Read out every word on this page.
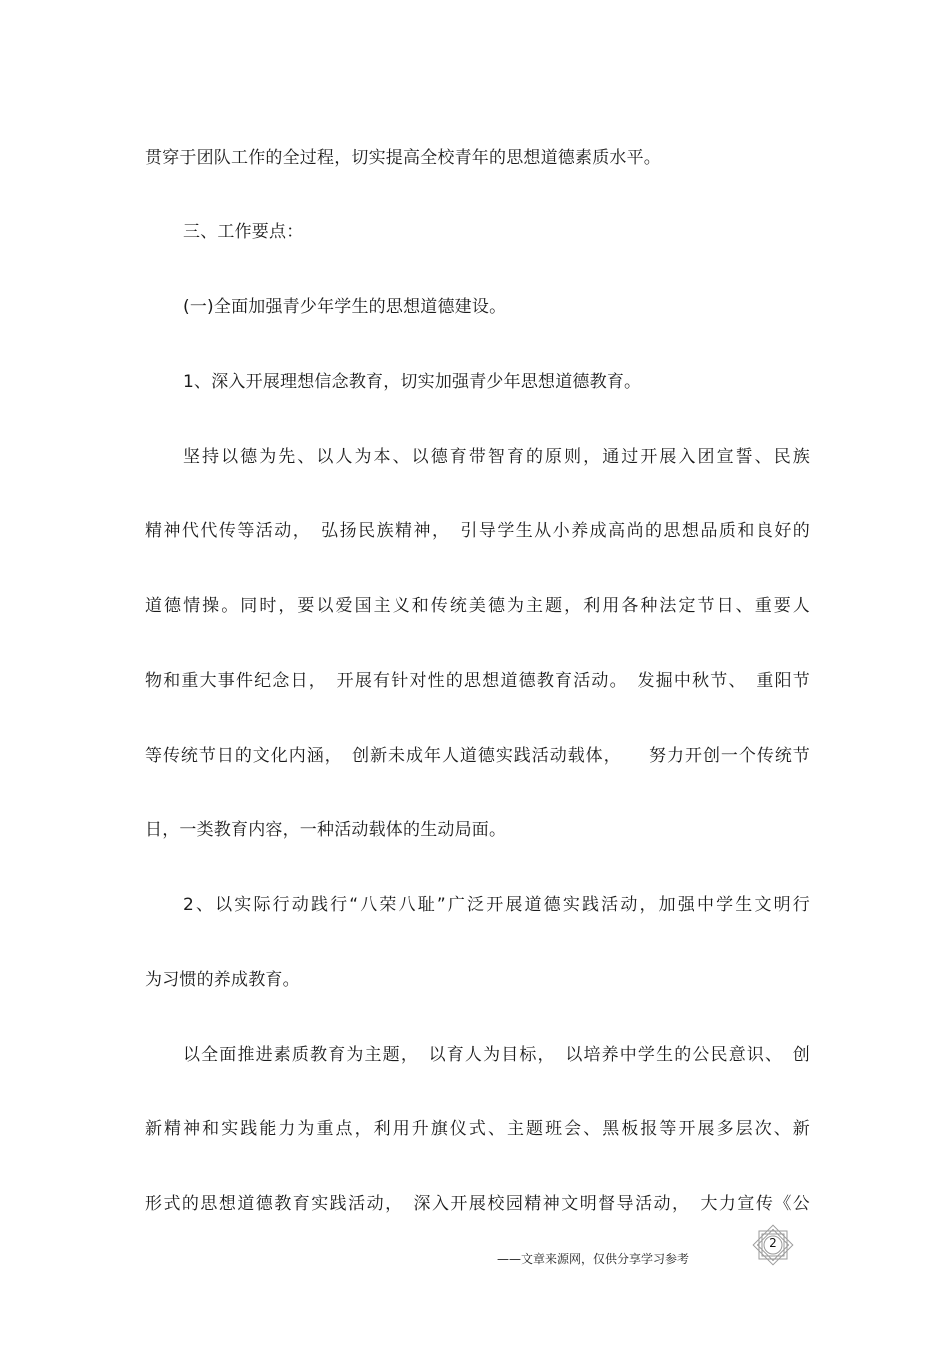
贯穿于团队工作的全过程，切实提高全校青年的思想道德素质水平。
三、工作要点：
(一)全面加强青少年学生的思想道德建设。
1、深入开展理想信念教育，切实加强青少年思想道德教育。
坚持以德为先、以人为本、以德育带智育的原则，通过开展入团宣誓、民族
精神代代传等活动，　弘扬民族精神，　引导学生从小养成高尚的思想品质和良好的
道德情操。同时，要以爱国主义和传统美德为主题，利用各种法定节日、重要人
物和重大事件纪念日，　开展有针对性的思想道德教育活动。　发掘中秋节、　重阳节
等传统节日的文化内涵，　创新未成年人道德实践活动载体，　　努力开创一个传统节
日，一类教育内容，一种活动载体的生动局面。
2、以实际行动践行“八荣八耻”广泛开展道德实践活动，加强中学生文明行
为习惯的养成教育。
以全面推进素质教育为主题，　以育人为目标，　以培养中学生的公民意识、　创
新精神和实践能力为重点，利用升旗仪式、主题班会、黑板报等开展多层次、新
形式的思想道德教育实践活动，　深入开展校园精神文明督导活动，　大力宣传《公
2
——文章来源网，仅供分享学习参考
